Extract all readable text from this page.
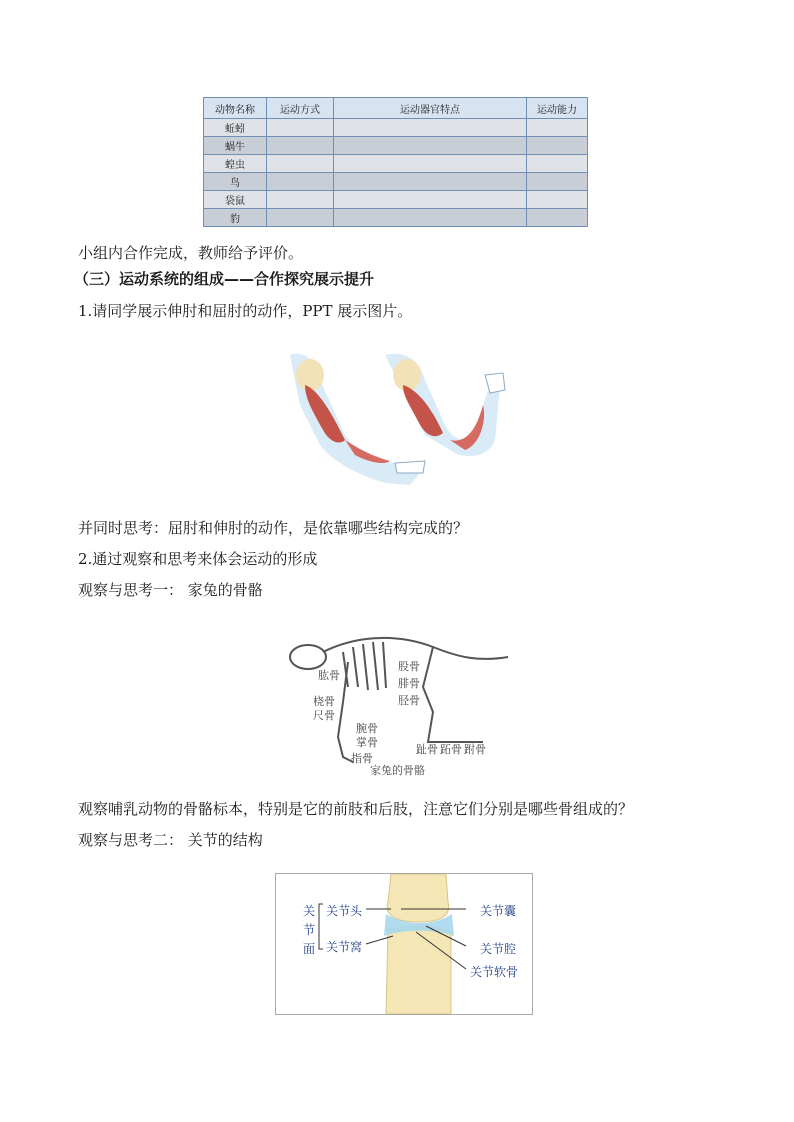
动物名称	运动方式	运动器官特点	运动能力
蚯蚓			
蜗牛			
蝗虫			
鸟			
袋鼠			
豹			
小组内合作完成，教师给予评价。
（三）运动系统的组成——合作探究展示提升
1.请同学展示伸肘和屈肘的动作，PPT 展示图片。
并同时思考：屈肘和伸肘的动作，是依靠哪些结构完成的？
2.通过观察和思考来体会运动的形成
观察与思考一： 家兔的骨骼
肱骨
桡骨
尺骨
腕骨
掌骨
指骨
股骨
腓骨
胫骨
趾骨 跖骨 跗骨
家兔的骨骼
观察哺乳动物的骨骼标本，特别是它的前肢和后肢，注意它们分别是哪些骨组成的？
观察与思考二： 关节的结构
关
节
面
关节头
关节窝
关节囊
关节腔
关节软骨
